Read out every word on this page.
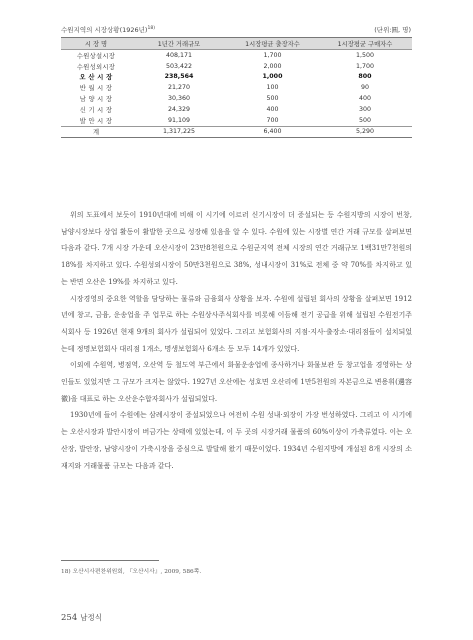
수원지역의 시장상황(1926년)$^{18)}$	(단위:圓, 명)
시 장 명	1년간 거래규모	1시장평균 출장자수	1시장평균 구매자수
수원상설시장	408,171	1,700	1,500
수원성외시장	503,422	2,000	1,700
오 산 시 장	238,564	1,000	800
반 월 시 장	21,270	100	90
남 양 시 장	30,360	500	400
신 기 시 장	24,329	400	300
발 안 시 장	91,109	700	500
계	1,317,225	6,400	5,290

위의 도표에서 보듯이 1910년대에 비해 이 시기에 이르러 신기시장이 더 증설되는 등 수원지방의 시장이 번창, 남양시장보다 상업 활동이 활발한 곳으로 성장해 있음을 알 수 있다. 수원에 있는 시장별 연간 거래 규모를 살펴보면 다음과 같다. 7개 시장 가운데 오산시장이 23만8천원으로 수원군지역 전체 시장의 연간 거래규모 1백31만7천원의 18%를 차지하고 있다. 수원성외시장이 50만3천원으로 38%, 성내시장이 31%로 전체 중 약 70%를 차지하고 있는 반면 오산은 19%를 차지하고 있다.

시장경영의 중요한 역할을 담당하는 물류와 금융회사 상황을 보자. 수원에 설립된 회사의 상황을 살펴보면 1912년에 창고, 금융, 운송업을 주 업무로 하는 수원상사주식회사를 비롯해 이듬해 전기 공급을 위해 설립된 수원전기주식회사 등 1926년 현재 9개의 회사가 설립되어 있었다. 그리고 보험회사의 지점·지사·출장소·대리점들이 설치되었는데 정명보험회사 대리점 1개소, 명생보험회사 6개소 등 모두 14개가 있었다.

이외에 수원역, 병점역, 오산역 등 철도역 부근에서 화물운송업에 종사하거나 화물보관 등 창고업을 경영하는 상인들도 있었지만 그 규모가 크지는 않았다. 1927년 오산에는 성호면 오산리에 1만5천원의 자본금으로 변용휘(邊容徽)을 대표로 하는 오산운수합자회사가 설립되었다.

1930년에 들어 수원에는 삼례시장이 증설되었으나 여전히 수원 성내·외장이 가장 번성하였다. 그리고 이 시기에는 오산시장과 발안시장이 버금가는 상태에 있었는데, 이 두 곳의 시장거래 물품의 60%이상이 가축류였다. 이는 오산장, 발안장, 남양시장이 가축시장을 중심으로 발달해 왔기 때문이었다. 1934년 수원지방에 개설된 8개 시장의 소재지와 거래물품 규모는 다음과 같다.

18) 오산시사편찬위원회, 『오산시사』, 2009, 586쪽.
254 남정식
